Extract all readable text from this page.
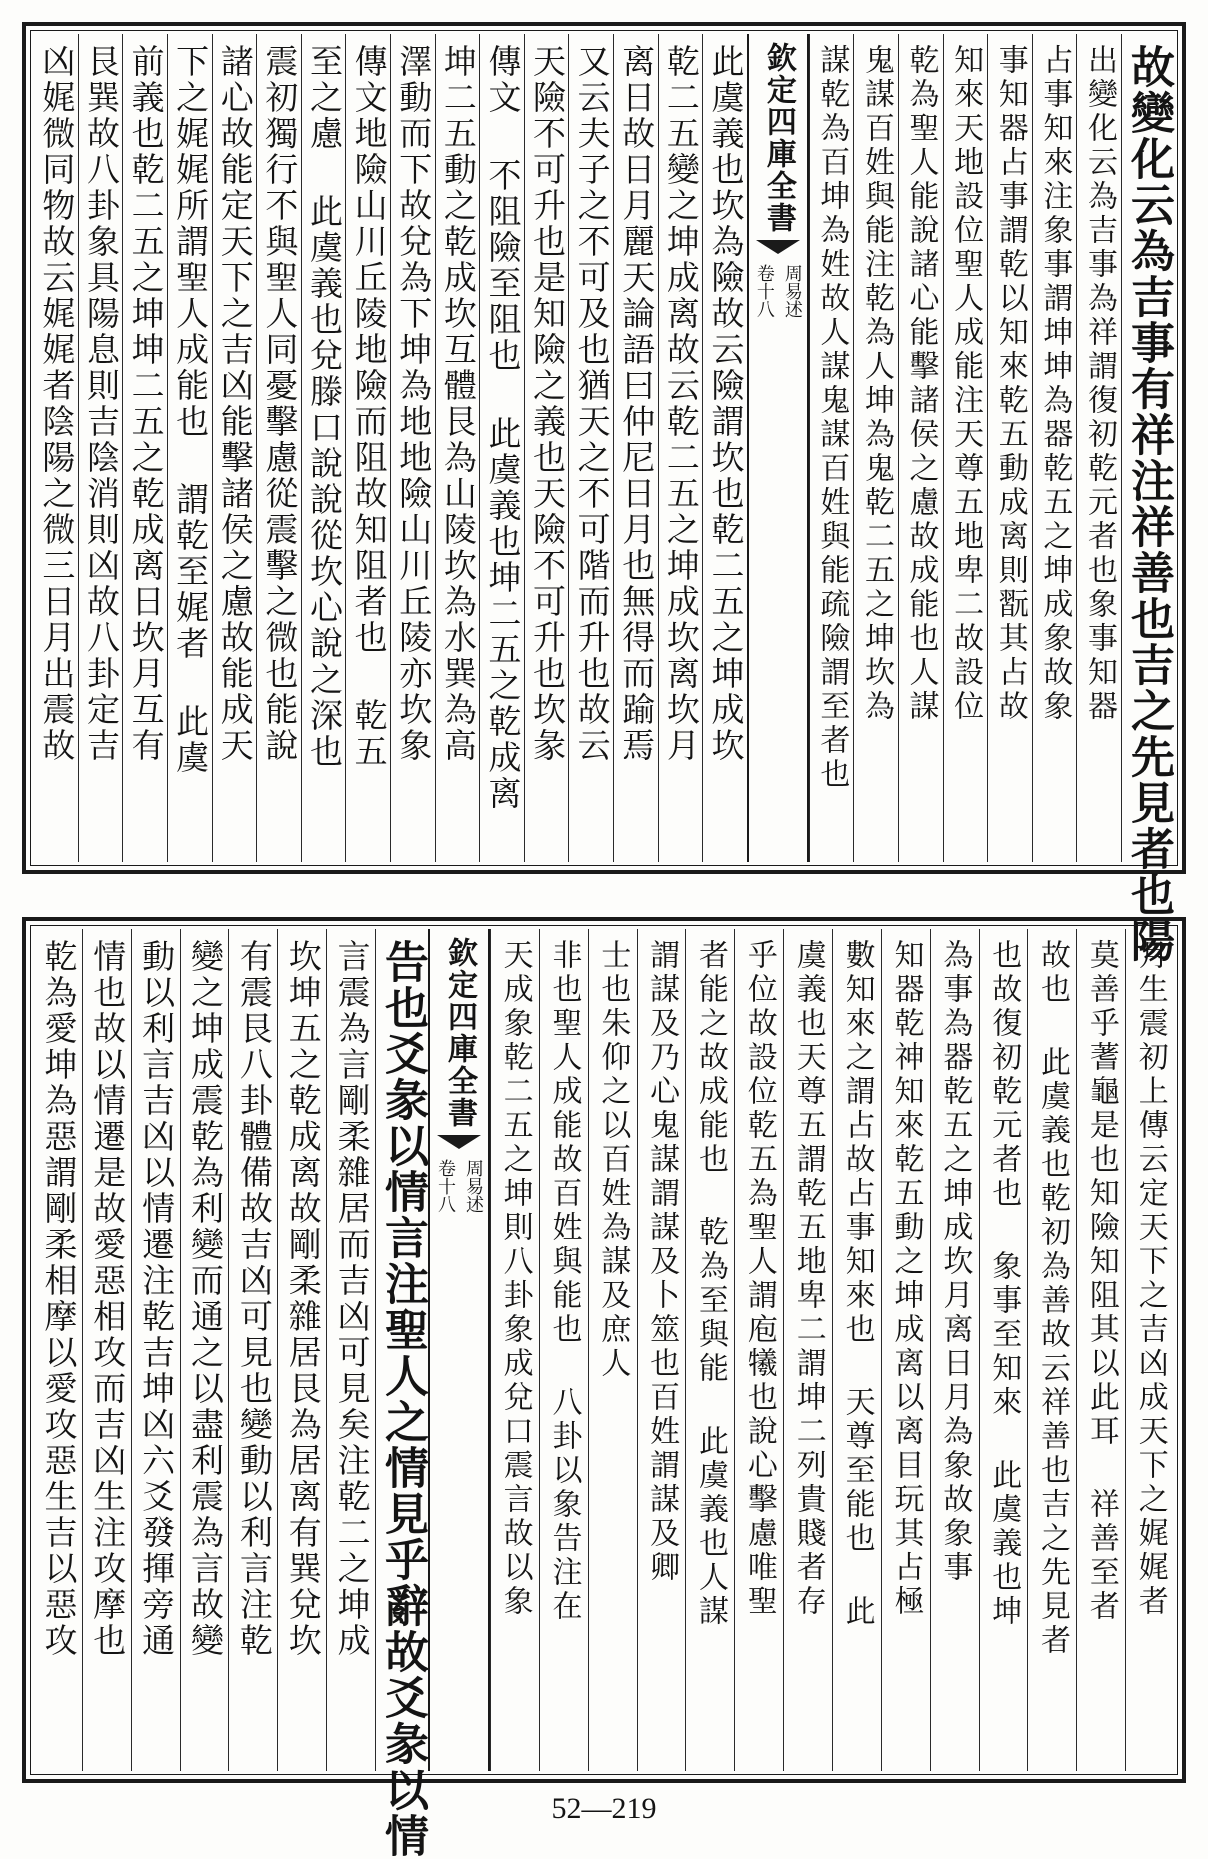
故變化云為吉事有祥注祥善也吉之先見者也陽
出變化云為吉事為祥謂復初乾元者也象事知器
占事知來注象事謂坤坤為器乾五之坤成象故象
事知器占事謂乾以知來乾五動成离則翫其占故
知來天地設位聖人成能注天尊五地卑二故設位
乾為聖人能說諸心能擊諸侯之慮故成能也人謀
鬼謀百姓與能注乾為人坤為鬼乾二五之坤坎為
謀乾為百坤為姓故人謀鬼謀百姓與能疏險謂至者也
欽定四庫全書
周易述
卷十八
此虞義也坎為險故云險謂坎也乾二五之坤成坎
乾二五變之坤成离故云乾二五之坤成坎离坎月
离日故日月麗天論語曰仲尼日月也無得而踰焉
又云夫子之不可及也猶天之不可階而升也故云
天險不可升也是知險之義也天險不可升也坎彖
傳文 不阻險至阻也 此虞義也坤二五之乾成离
坤二五動之乾成坎互體艮為山陵坎為水巽為高
澤動而下故兌為下坤為地地險山川丘陵亦坎象
傳文地險山川丘陵地險而阻故知阻者也 乾五
至之慮 此虞義也兌滕口說說從坎心說之深也
震初獨行不與聖人同憂擊慮從震擊之微也能說
諸心故能定天下之吉凶能擊諸侯之慮故能成天
下之娓娓所謂聖人成能也 謂乾至娓者 此虞
前義也乾二五之坤坤二五之乾成离日坎月互有
艮巽故八卦象具陽息則吉陰消則凶故八卦定吉
凶娓微同物故云娓娓者陰陽之微三日月出震故
月生震初上傳云定天下之吉凶成天下之娓娓者
莫善乎蓍龜是也知險知阻其以此耳 祥善至者
故也 此虞義也乾初為善故云祥善也吉之先見者
也故復初乾元者也 象事至知來 此虞義也坤
為事為器乾五之坤成坎月离日月為象故象事
知器乾神知來乾五動之坤成离以离目玩其占極
數知來之謂占故占事知來也 天尊至能也 此
虞義也天尊五謂乾五地卑二謂坤二列貴賤者存
乎位故設位乾五為聖人謂庖犧也說心擊慮唯聖
者能之故成能也 乾為至與能 此虞義也人謀
謂謀及乃心鬼謀謂謀及卜筮也百姓謂謀及卿
士也朱仰之以百姓為謀及庶人
非也聖人成能故百姓與能也 八卦以象告注在
天成象乾二五之坤則八卦象成兌口震言故以象
欽定四庫全書
周易述
卷十八
告也爻彖以情言注聖人之情見乎辭故爻彖以情
言震為言剛柔雜居而吉凶可見矣注乾二之坤成
坎坤五之乾成离故剛柔雜居艮為居离有巽兌坎
有震艮八卦體備故吉凶可見也變動以利言注乾
變之坤成震乾為利變而通之以盡利震為言故變
動以利言吉凶以情遷注乾吉坤凶六爻發揮旁通
情也故以情遷是故愛惡相攻而吉凶生注攻摩也
乾為愛坤為惡謂剛柔相摩以愛攻惡生吉以惡攻
52—219
